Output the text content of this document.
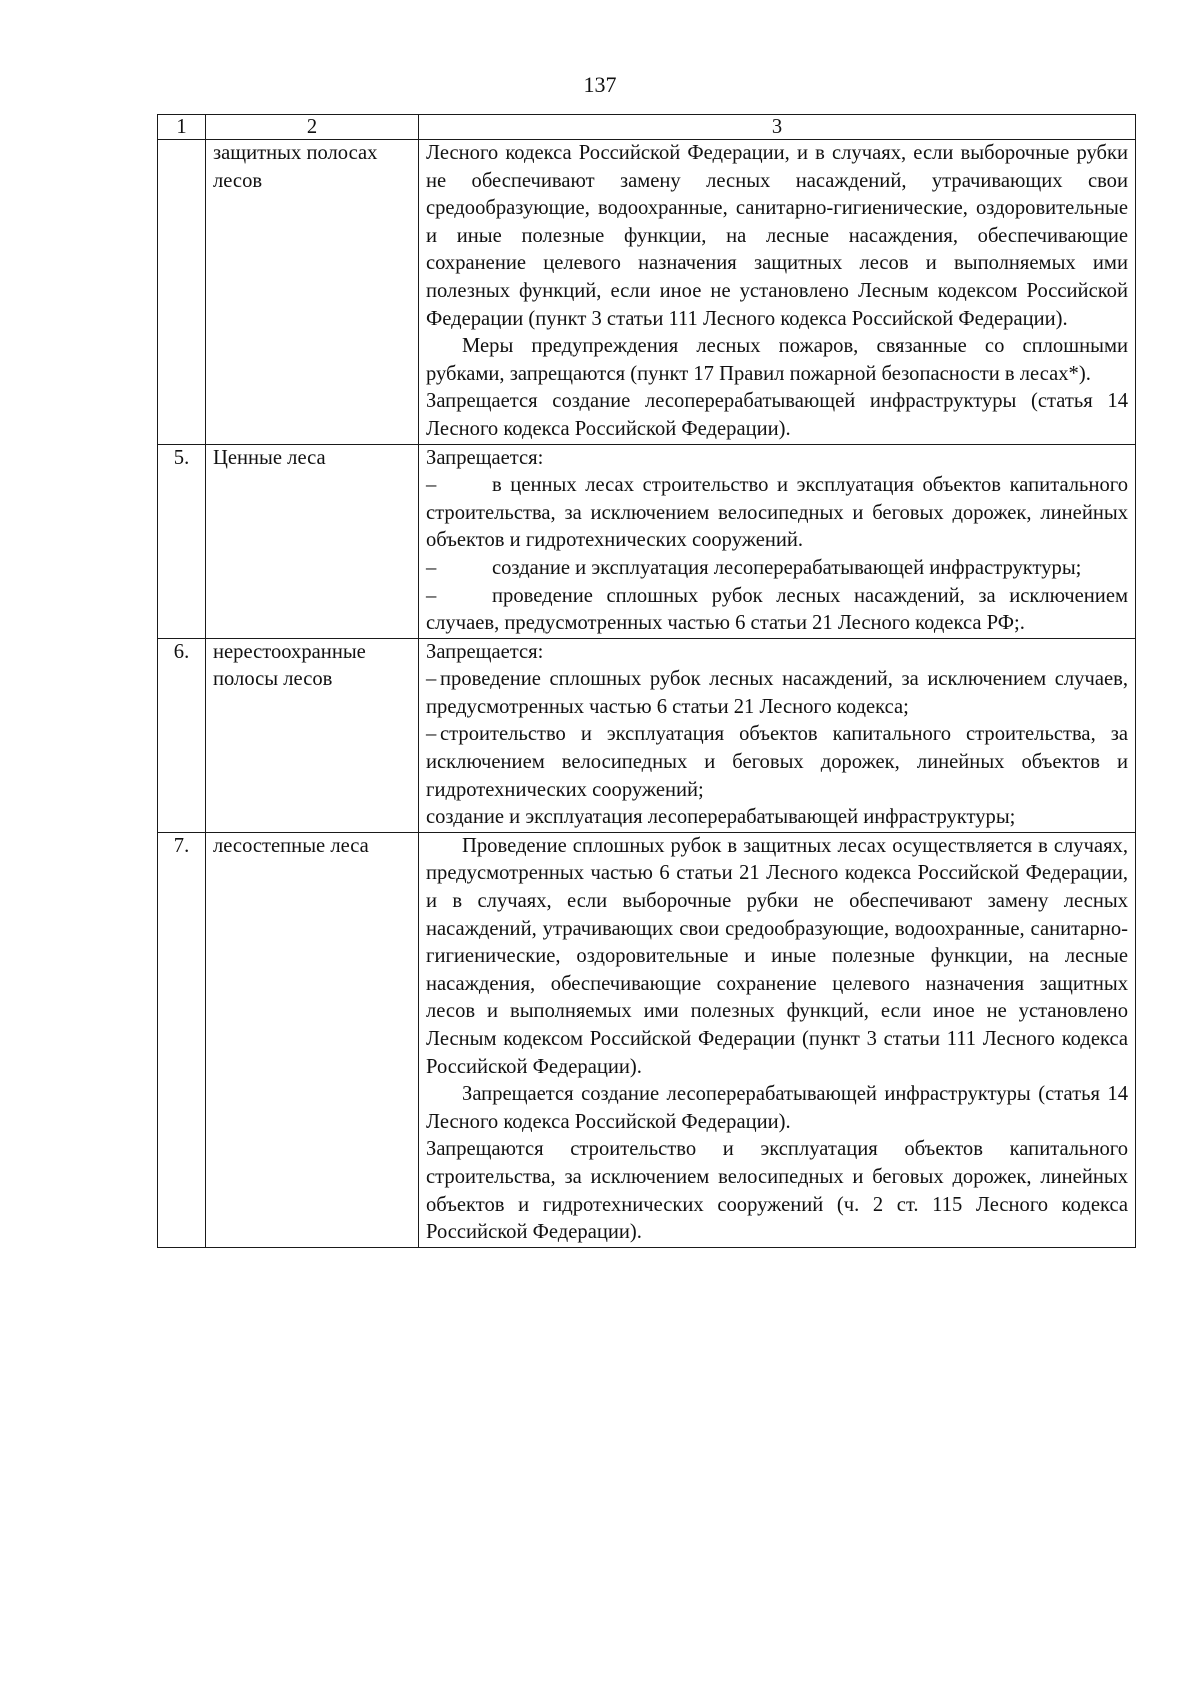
137
1	2	3
	защитных полосах лесов	Лесного кодекса Российской Федерации, и в случаях, если выборочные рубки не обеспечивают замену лесных насаждений, утрачивающих свои средообразующие, водоохранные, санитарно-гигиенические, оздоровительные и иные полезные функции, на лесные насаждения, обеспечивающие сохранение целевого назначения защитных лесов и выполняемых ими полезных функций, если иное не установлено Лесным кодексом Российской Федерации (пункт 3 статьи 111 Лесного кодекса Российской Федерации).
Меры предупреждения лесных пожаров, связанные со сплошными рубками, запрещаются (пункт 17 Правил пожарной безопасности в лесах*).
Запрещается создание лесоперерабатывающей инфраструктуры (статья 14 Лесного кодекса Российской Федерации).

5.	Ценные леса	Запрещается:
– в ценных лесах строительство и эксплуатация объектов капитального строительства, за исключением велосипедных и беговых дорожек, линейных объектов и гидротехнических сооружений.
– создание и эксплуатация лесоперерабатывающей инфраструктуры;
– проведение сплошных рубок лесных насаждений, за исключением случаев, предусмотренных частью 6 статьи 21 Лесного кодекса РФ;.

6.	нерестоохранные полосы лесов	Запрещается:
– проведение сплошных рубок лесных насаждений, за исключением случаев, предусмотренных частью 6 статьи 21 Лесного кодекса;
– строительство и эксплуатация объектов капитального строительства, за исключением велосипедных и беговых дорожек, линейных объектов и гидротехнических сооружений;
создание и эксплуатация лесоперерабатывающей инфраструктуры;

7.	лесостепные леса	Проведение сплошных рубок в защитных лесах осуществляется в случаях, предусмотренных частью 6 статьи 21 Лесного кодекса Российской Федерации, и в случаях, если выборочные рубки не обеспечивают замену лесных насаждений, утрачивающих свои средообразующие, водоохранные, санитарно-гигиенические, оздоровительные и иные полезные функции, на лесные насаждения, обеспечивающие сохранение целевого назначения защитных лесов и выполняемых ими полезных функций, если иное не установлено Лесным кодексом Российской Федерации (пункт 3 статьи 111 Лесного кодекса Российской Федерации).
Запрещается создание лесоперерабатывающей инфраструктуры (статья 14 Лесного кодекса Российской Федерации).
Запрещаются строительство и эксплуатация объектов капитального строительства, за исключением велосипедных и беговых дорожек, линейных объектов и гидротехнических сооружений (ч. 2 ст. 115 Лесного кодекса Российской Федерации).
